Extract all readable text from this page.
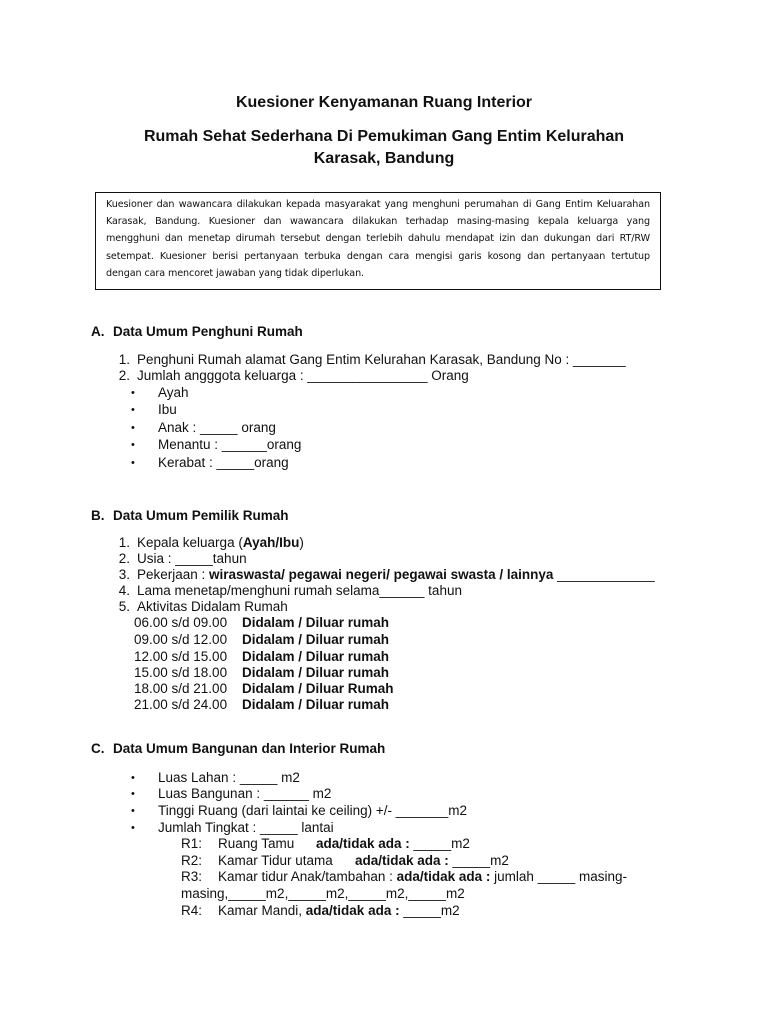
Kuesioner Kenyamanan Ruang Interior
Rumah Sehat Sederhana Di Pemukiman Gang Entim Kelurahan
Karasak, Bandung
Kuesioner dan wawancara dilakukan kepada masyarakat yang menghuni perumahan di Gang Entim Keluarahan Karasak, Bandung. Kuesioner dan wawancara dilakukan terhadap masing-masing kepala keluarga yang mengghuni dan menetap dirumah tersebut dengan terlebih dahulu mendapat izin dan dukungan dari RT/RW setempat. Kuesioner berisi pertanyaan terbuka dengan cara mengisi garis kosong dan pertanyaan tertutup dengan cara mencoret jawaban yang tidak diperlukan.
A. Data Umum Penghuni Rumah
1. Penghuni Rumah alamat Gang Entim Kelurahan Karasak, Bandung No : _______
2. Jumlah angggota keluarga : ________________ Orang
• Ayah
• Ibu
• Anak : _____ orang
• Menantu : ______orang
• Kerabat : _____orang
B. Data Umum Pemilik Rumah
1. Kepala keluarga (Ayah/Ibu)
2. Usia : _____tahun
3. Pekerjaan : wiraswasta/ pegawai negeri/ pegawai swasta / lainnya _____________
4. Lama menetap/menghuni rumah selama______ tahun
5. Aktivitas Didalam Rumah
06.00 s/d 09.00 Didalam / Diluar rumah
09.00 s/d 12.00 Didalam / Diluar rumah
12.00 s/d 15.00 Didalam / Diluar rumah
15.00 s/d 18.00 Didalam / Diluar rumah
18.00 s/d 21.00 Didalam / Diluar Rumah
21.00 s/d 24.00 Didalam / Diluar rumah
C. Data Umum Bangunan dan Interior Rumah
• Luas Lahan : _____ m2
• Luas Bangunan : ______ m2
• Tinggi Ruang (dari laintai ke ceiling) +/- _______m2
• Jumlah Tingkat : _____ lantai
R1: Ruang Tamu ada/tidak ada : _____m2
R2: Kamar Tidur utama ada/tidak ada : _____m2
R3: Kamar tidur Anak/tambahan : ada/tidak ada : jumlah _____ masing-
masing,_____m2,_____m2,_____m2,_____m2
R4: Kamar Mandi, ada/tidak ada : _____m2
